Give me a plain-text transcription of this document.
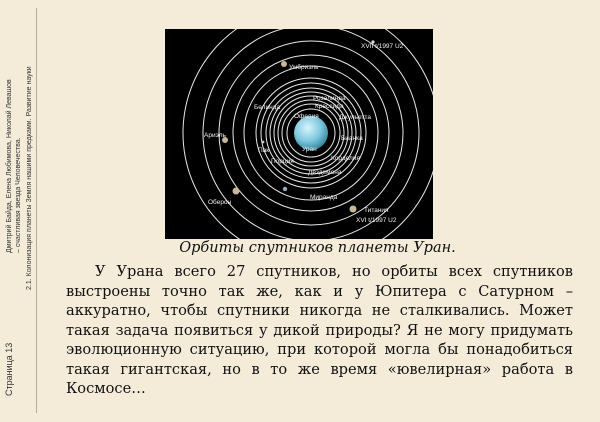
Страница 13
Дмитрий Байда, Елена Любимова, Николай Левашов – счастливая звезда Человечества. 2.1. Колонизация планеты Земля нашими предками. Развитие науки
XVII t/1997 U2
Умбриэль
Розалинда
Крессида
Белинда
Офелия	Джульетта
Ариэль	Бианка
Пак	Уран
Порция	Корделия
Дездемона
Миранда
Оберон
Титания
XVI t/1997 U2
Орбиты спутников планеты Уран.
У Урана всего 27 спутников, но орбиты всех спутников выстроены точно так же, как и у Юпитера с Сатурном – аккуратно, чтобы спутники никогда не сталкивались. Может такая задача появиться у дикой природы? Я не могу придумать эволюционную ситуацию, при которой могла бы понадобиться такая гигантская, но в то же время «ювелирная» работа в Космосе…
